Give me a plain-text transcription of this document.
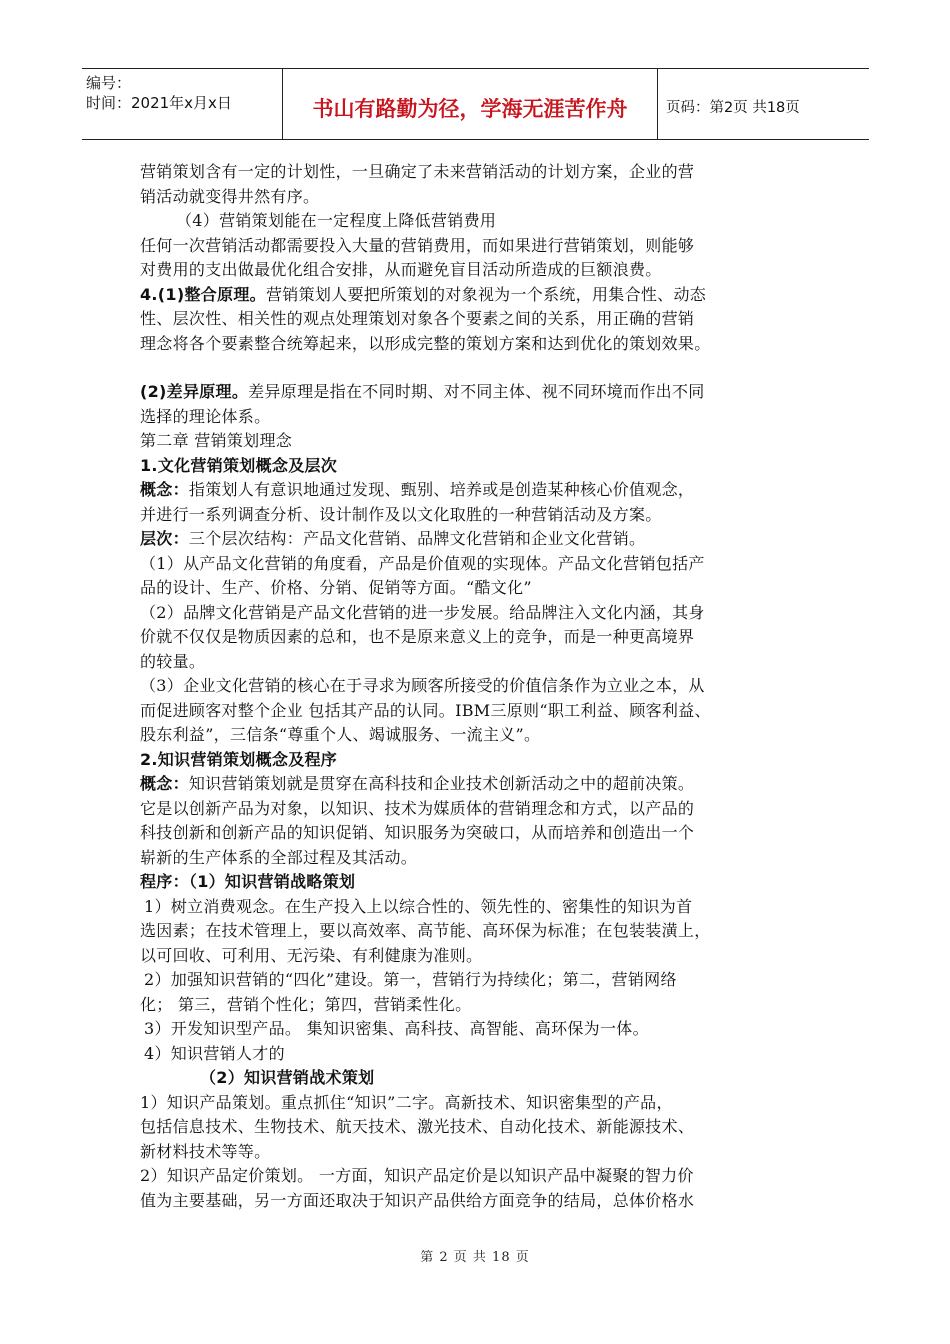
编号：
时间：2021年x月x日	书山有路勤为径，学海无涯苦作舟	页码：第2页 共18页

营销策划含有一定的计划性，一旦确定了未来营销活动的计划方案，企业的营

销活动就变得井然有序。

（4）营销策划能在一定程度上降低营销费用

任何一次营销活动都需要投入大量的营销费用，而如果进行营销策划，则能够

对费用的支出做最优化组合安排，从而避免盲目活动所造成的巨额浪费。

4.(1)整合原理。营销策划人要把所策划的对象视为一个系统，用集合性、动态

性、层次性、相关性的观点处理策划对象各个要素之间的关系，用正确的营销

理念将各个要素整合统筹起来，以形成完整的策划方案和达到优化的策划效果。

(2)差异原理。差异原理是指在不同时期、对不同主体、视不同环境而作出不同

选择的理论体系。

第二章 营销策划理念

1.文化营销策划概念及层次

概念：指策划人有意识地通过发现、甄别、培养或是创造某种核心价值观念，

并进行一系列调查分析、设计制作及以文化取胜的一种营销活动及方案。

层次：三个层次结构：产品文化营销、品牌文化营销和企业文化营销。

（1）从产品文化营销的角度看，产品是价值观的实现体。产品文化营销包括产

品的设计、生产、价格、分销、促销等方面。“酷文化”

（2）品牌文化营销是产品文化营销的进一步发展。给品牌注入文化内涵，其身

价就不仅仅是物质因素的总和，也不是原来意义上的竞争，而是一种更高境界

的较量。

（3）企业文化营销的核心在于寻求为顾客所接受的价值信条作为立业之本，从

而促进顾客对整个企业 包括其产品的认同。IBM三原则“职工利益、顾客利益、

股东利益”，三信条“尊重个人、竭诚服务、一流主义”。

2.知识营销策划概念及程序

概念：知识营销策划就是贯穿在高科技和企业技术创新活动之中的超前决策。

它是以创新产品为对象，以知识、技术为媒质体的营销理念和方式，以产品的

科技创新和创新产品的知识促销、知识服务为突破口，从而培养和创造出一个

崭新的生产体系的全部过程及其活动。

程序：（1）知识营销战略策划

1）树立消费观念。在生产投入上以综合性的、领先性的、密集性的知识为首

选因素；在技术管理上，要以高效率、高节能、高环保为标准；在包装装潢上，

以可回收、可利用、无污染、有利健康为准则。

2）加强知识营销的“四化”建设。第一，营销行为持续化；第二，营销网络

化； 第三，营销个性化；第四，营销柔性化。

3）开发知识型产品。 集知识密集、高科技、高智能、高环保为一体。

4）知识营销人才的

（2）知识营销战术策划

1）知识产品策划。重点抓住“知识”二字。高新技术、知识密集型的产品，

包括信息技术、生物技术、航天技术、激光技术、自动化技术、新能源技术、

新材料技术等等。

2）知识产品定价策划。 一方面，知识产品定价是以知识产品中凝聚的智力价

值为主要基础，另一方面还取决于知识产品供给方面竞争的结局，总体价格水

第 2 页 共 18 页
